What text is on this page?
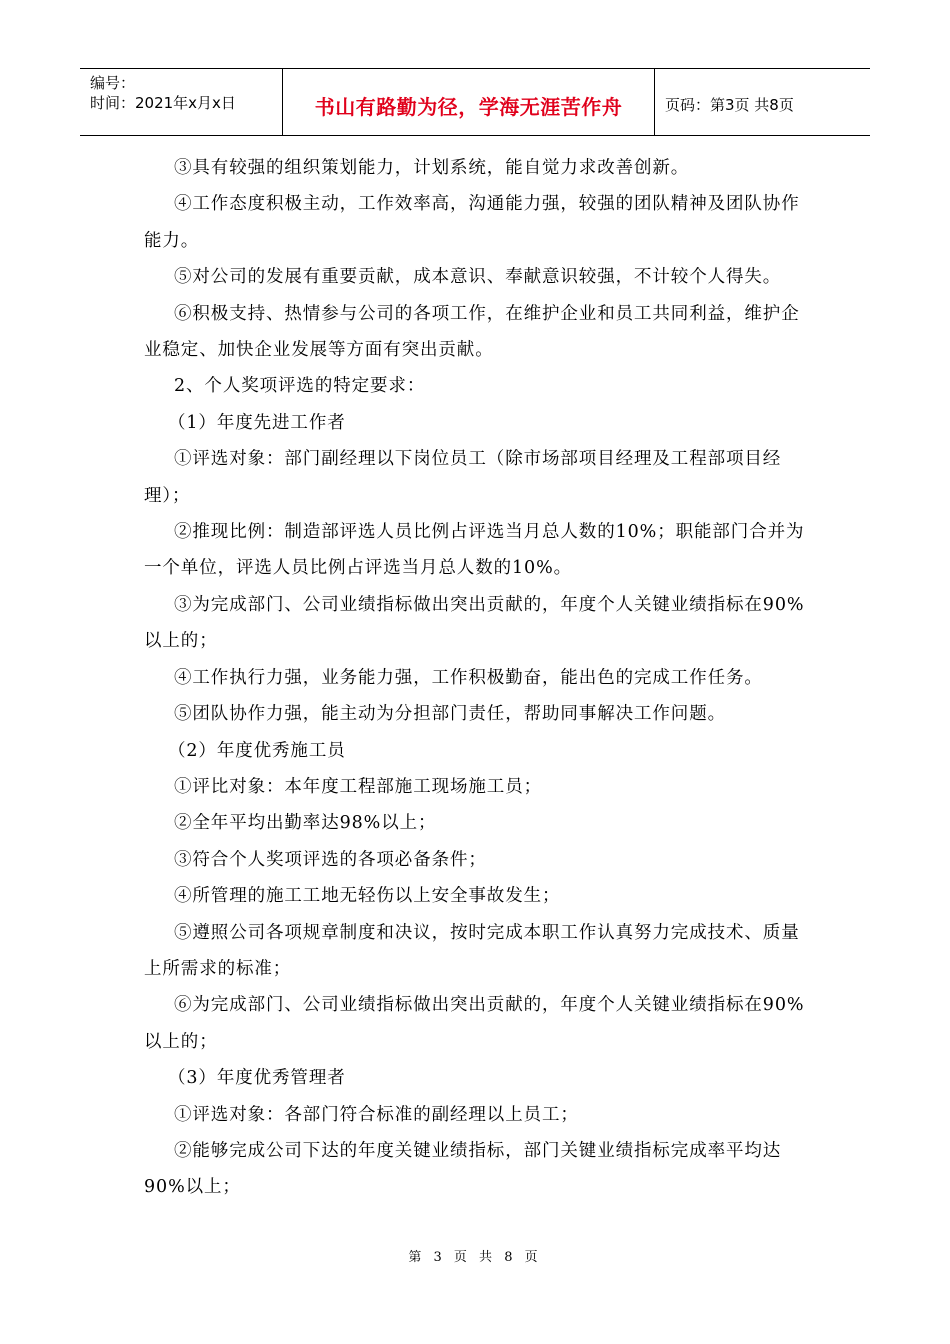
编号：
时间：2021年x月x日	书山有路勤为径，学海无涯苦作舟	页码：第3页 共8页

③具有较强的组织策划能力，计划系统，能自觉力求改善创新。

④工作态度积极主动，工作效率高，沟通能力强，较强的团队精神及团队协作能力。

⑤对公司的发展有重要贡献，成本意识、奉献意识较强，不计较个人得失。

⑥积极支持、热情参与公司的各项工作，在维护企业和员工共同利益，维护企业稳定、加快企业发展等方面有突出贡献。

2、个人奖项评选的特定要求：

（1）年度先进工作者

①评选对象：部门副经理以下岗位员工（除市场部项目经理及工程部项目经理）；

②推现比例：制造部评选人员比例占评选当月总人数的10%；职能部门合并为一个单位，评选人员比例占评选当月总人数的10%。

③为完成部门、公司业绩指标做出突出贡献的，年度个人关键业绩指标在90%以上的；

④工作执行力强，业务能力强，工作积极勤奋，能出色的完成工作任务。

⑤团队协作力强，能主动为分担部门责任，帮助同事解决工作问题。

（2）年度优秀施工员

①评比对象：本年度工程部施工现场施工员；

②全年平均出勤率达98%以上；

③符合个人奖项评选的各项必备条件；

④所管理的施工工地无轻伤以上安全事故发生；

⑤遵照公司各项规章制度和决议，按时完成本职工作认真努力完成技术、质量上所需求的标准；

⑥为完成部门、公司业绩指标做出突出贡献的，年度个人关键业绩指标在90%以上的；

（3）年度优秀管理者

①评选对象：各部门符合标准的副经理以上员工；

②能够完成公司下达的年度关键业绩指标，部门关键业绩指标完成率平均达90%以上；

第 3 页 共 8 页
